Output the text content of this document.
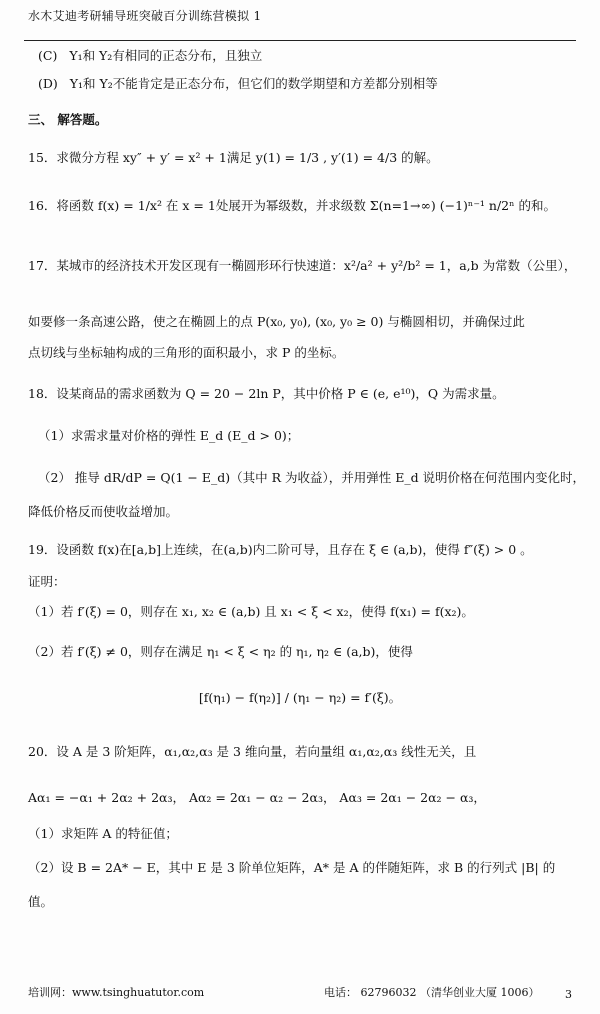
水木艾迪考研辅导班突破百分训练营模拟 1
(C) Y₁和 Y₂有相同的正态分布，且独立
(D) Y₁和 Y₂不能肯定是正态分布，但它们的数学期望和方差都分别相等
三、 解答题。
15．求微分方程 xy″ + y′ = x² + 1满足 y(1) = 1/3 , y′(1) = 4/3 的解。
16．将函数 f(x) = 1/x² 在 x = 1处展开为幂级数，并求级数 Σ(n=1→∞) (−1)ⁿ⁻¹ n/2ⁿ 的和。
17．某城市的经济技术开发区现有一椭圆形环行快速道：x²/a² + y²/b² = 1，a,b 为常数（公里），
如要修一条高速公路，使之在椭圆上的点 P(x₀, y₀), (x₀, y₀ ≥ 0) 与椭圆相切，并确保过此
点切线与坐标轴构成的三角形的面积最小，求 P 的坐标。
18．设某商品的需求函数为 Q = 20 − 2ln P，其中价格 P ∈ (e, e¹⁰)，Q 为需求量。
（1）求需求量对价格的弹性 E_d (E_d > 0)；
（2） 推导 dR/dP = Q(1 − E_d)（其中 R 为收益），并用弹性 E_d 说明价格在何范围内变化时，
降低价格反而使收益增加。
19．设函数 f(x)在[a,b]上连续，在(a,b)内二阶可导，且存在 ξ ∈ (a,b)，使得 f″(ξ) > 0 。
证明：
（1）若 f′(ξ) = 0，则存在 x₁, x₂ ∈ (a,b) 且 x₁ < ξ < x₂，使得 f(x₁) = f(x₂)。
（2）若 f′(ξ) ≠ 0，则存在满足 η₁ < ξ < η₂ 的 η₁, η₂ ∈ (a,b)，使得
[f(η₁) − f(η₂)] / (η₁ − η₂) = f′(ξ)。
20．设 A 是 3 阶矩阵，α₁,α₂,α₃ 是 3 维向量，若向量组 α₁,α₂,α₃ 线性无关，且
Aα₁ = −α₁ + 2α₂ + 2α₃， Aα₂ = 2α₁ − α₂ − 2α₃， Aα₃ = 2α₁ − 2α₂ − α₃，
（1）求矩阵 A 的特征值；
（2）设 B = 2A* − E，其中 E 是 3 阶单位矩阵，A* 是 A 的伴随矩阵，求 B 的行列式 |B| 的
值。
培训网：www.tsinghuatutor.com	电话： 62796032 （清华创业大厦 1006） 3
